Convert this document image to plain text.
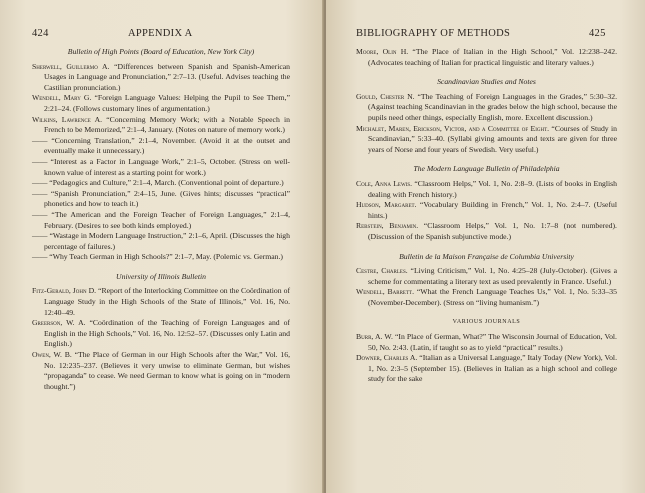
424	APPENDIX A
Bulletin of High Points (Board of Education, New York City)

Sherwell, Guillermo A. “Differences between Spanish and Spanish-American Usages in Language and Pronunciation,” 2:7–13. (Useful. Advises teaching the Castilian pronunciation.)

Wendell, Mary G. “Foreign Language Values: Helping the Pupil to See Them,” 2:21–24. (Follows customary lines of argumentation.)

Wilkins, Lawrence A. “Concerning Memory Work; with a Notable Speech in French to be Memorized,” 2:1–4, January. (Notes on nature of memory work.)

—— “Concerning Translation,” 2:1–4, November. (Avoid it at the outset and eventually make it unnecessary.)

—— “Interest as a Factor in Language Work,” 2:1–5, October. (Stress on well-known value of interest as a starting point for work.)

—— “Pedagogics and Culture,” 2:1–4, March. (Conventional point of departure.)

—— “Spanish Pronunciation,” 2:4–15, June. (Gives hints; discusses “practical” phonetics and how to teach it.)

—— “The American and the Foreign Teacher of Foreign Languages,” 2:1–4, February. (Desires to see both kinds employed.)

—— “Wastage in Modern Language Instruction,” 2:1–6, April. (Discusses the high percentage of failures.)

—— “Why Teach German in High Schools?” 2:1–7, May. (Polemic vs. German.)

University of Illinois Bulletin

Fitz-Gerald, John D. “Report of the Interlocking Committee on the Coördination of Language Study in the High Schools of the State of Illinois,” Vol. 16, No. 12:40–49.

Greerson, W. A. “Coördination of the Teaching of Foreign Languages and of English in the High Schools,” Vol. 16, No. 12:52–57. (Discusses only Latin and English.)

Owen, W. B. “The Place of German in our High Schools after the War,” Vol. 16, No. 12:235–237. (Believes it very unwise to eliminate German, but wishes “propaganda” to cease. We need German to know what is going on in “modern thought.”)

BIBLIOGRAPHY OF METHODS	425

Moore, Olin H. “The Place of Italian in the High School,” Vol. 12:238–242. (Advocates teaching of Italian for practical linguistic and literary values.)

Scandinavian Studies and Notes

Gould, Chester N. “The Teaching of Foreign Languages in the Grades,” 5:30–32. (Against teaching Scandinavian in the grades below the high school, because the pupils need other things, especially English, more. Excellent discussion.)

Michalet, Maren, Erickson, Victor, and a Committee of Eight. “Courses of Study in Scandinavian,” 5:33–40. (Syllabi giving amounts and texts are given for three years of Norse and four years of Swedish. Very useful.)

The Modern Language Bulletin of Philadelphia

Cole, Anna Lewis. “Classroom Helps,” Vol. 1, No. 2:8–9. (Lists of books in English dealing with French history.)

Hudson, Margaret. “Vocabulary Building in French,” Vol. 1, No. 2:4–7. (Useful hints.)

Rebstein, Benjamin. “Classroom Helps,” Vol. 1, No. 1:7–8 (not numbered). (Discussion of the Spanish subjunctive mode.)

Bulletin de la Maison Française de Columbia University

Cestre, Charles. “Living Criticism,” Vol. 1, No. 4:25–28 (July-October). (Gives a scheme for commentating a literary text as used prevalently in France. Useful.)

Wendell, Barrett. “What the French Language Teaches Us,” Vol. 1, No. 5:33–35 (November-December). (Stress on “living humanism.”)

VARIOUS JOURNALS

Burr, A. W. “In Place of German, What?” The Wisconsin Journal of Education, Vol. 50, No. 2:43. (Latin, if taught so as to yield “practical” results.)

Downer, Charles A. “Italian as a Universal Language,” Italy Today (New York), Vol. 1, No. 2:3–5 (September 15). (Believes in Italian as a high school and college study for the sake
